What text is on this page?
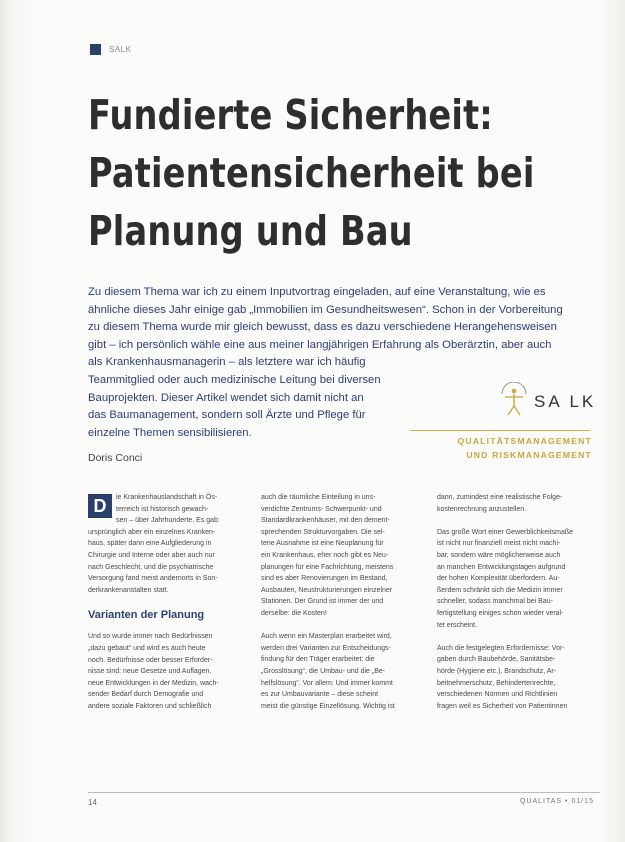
SALK
Fundierte Sicherheit:
Patientensicherheit bei
Planung und Bau
Zu diesem Thema war ich zu einem Inputvortrag eingeladen, auf eine Veranstaltung, wie es
ähnliche dieses Jahr einige gab „Immobilien im Gesundheitswesen“. Schon in der Vorbereitung
zu diesem Thema wurde mir gleich bewusst, dass es dazu verschiedene Herangehensweisen
gibt – ich persönlich wähle eine aus meiner langjährigen Erfahrung als Oberärztin, aber auch
als Krankenhausmanagerin – als letztere war ich häufig
Teammitglied oder auch medizinische Leitung bei diversen
Bauprojekten. Dieser Artikel wendet sich damit nicht an
das Baumanagement, sondern soll Ärzte und Pflege für
einzelne Themen sensibilisieren.
SA LK
QUALITÄTSMANAGEMENT
UND RISKMANAGEMENT
Doris Conci
D	ie Krankenhauslandschaft in Ös-
terreich ist historisch gewach-
sen – über Jahrhunderte. Es gab
ursprünglich aber ein einzelnes Kranken-
haus, später dann eine Aufgliederung in
Chirurgie und Interne oder aber auch nur
nach Geschlecht, und die psychiatrische
Versorgung fand meist andernorts in Son-
derkrankenanstalten statt.
Varianten der Planung
Und so wurde immer nach Bedürfnissen
„dazu gebaut“ und wird es auch heute
noch. Bedürfnisse oder besser Erforder-
nisse sind: neue Gesetze und Auflagen,
neue Entwicklungen in der Medizin, wach-
sender Bedarf durch Demografie und
andere soziale Faktoren und schließlich
auch die räumliche Einteilung in uns-
verdichte Zentrums- Schwerpunkt- und
Standardkrankenhäuser, mit den dement-
sprechenden Strukturvorgaben. Die sel-
tene Ausnahme ist eine Neuplanung für
ein Krankenhaus, eher noch gibt es Neu-
planungen für eine Fachrichtung, meistens
sind es aber Renovierungen im Bestand,
Ausbauten, Neustrukturierungen einzelner
Stationen. Der Grund ist immer der und
derselbe: die Kosten!
Auch wenn ein Masterplan erarbeitet wird,
werden drei Varianten zur Entscheidungs-
findung für den Träger erarbeitet: die
„Grosslösung“, die Umbau- und die „Be-
helfslösung“. Vor allem: Und immer kommt
es zur Umbauvariante – diese scheint
meist die günstige Einzellösung. Wichtig ist
dann, zumindest eine realistische Folge-
kostenrechnung anzustellen.
Das große Wort einer Gewerblichkeitsmaße
ist nicht nur finanziell meist nicht machi-
bar, sondern wäre möglicherweise auch
an manchen Entwicklungstagen aufgrund
der hohen Komplexität überfordern. Au-
ßerdem schränkt sich die Medizin immer
schneller, sodass manchmal bei Bau-
fertigstellung einiges schon wieder veral-
tet erscheint.
Auch die festgelegten Erfordernisse: Vor-
gaben durch Baubehörde, Sanitätsbe-
hörde (Hygiene etc.), Brandschutz, Ar-
beitnehmerschutz, Behindertenrechte,
verschiedenen Normen und Richtlinien
fragen weil es Sicherheit von Patientinnen
14	QUALITAS • 01/15
